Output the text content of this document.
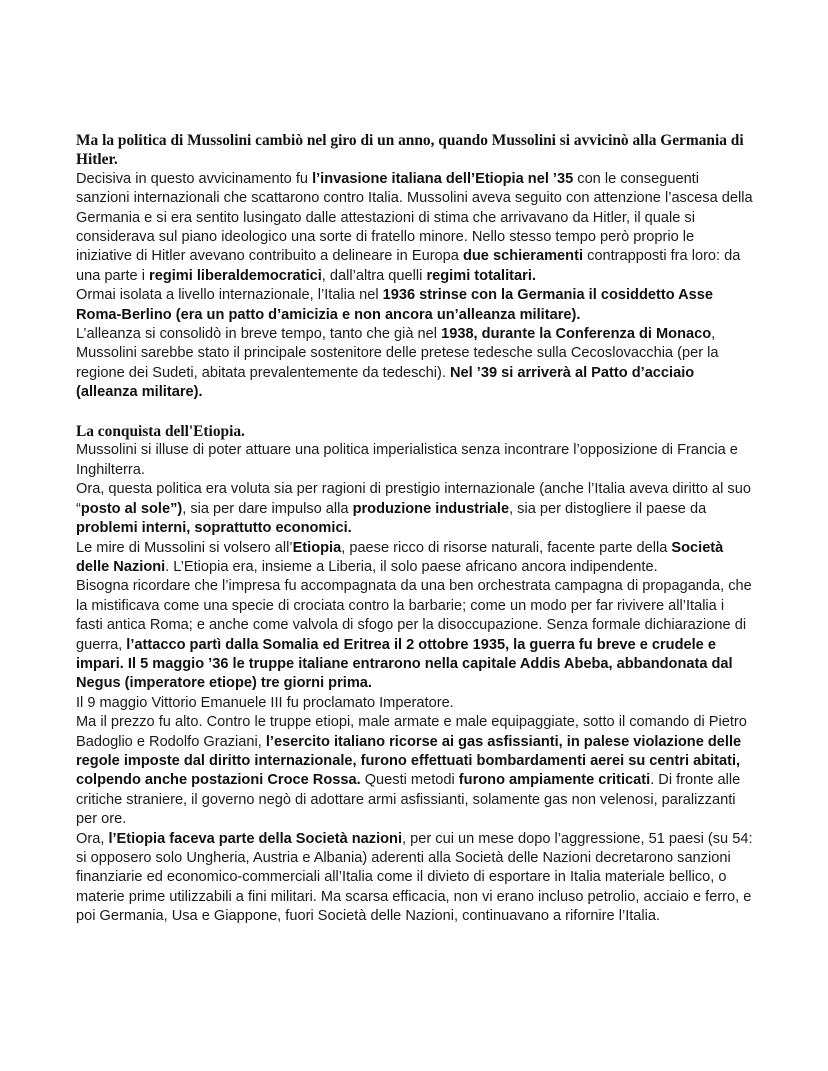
Ma la politica di Mussolini cambiò nel giro di un anno, quando Mussolini si avvicinò alla Germania di Hitler.

Decisiva in questo avvicinamento fu l’invasione italiana dell’Etiopia nel ’35 con le conseguenti sanzioni internazionali che scattarono contro Italia. Mussolini aveva seguito con attenzione l’ascesa della Germania e si era sentito lusingato dalle attestazioni di stima che arrivavano da Hitler, il quale si considerava sul piano ideologico una sorte di fratello minore. Nello stesso tempo però proprio le iniziative di Hitler avevano contribuito a delineare in Europa due schieramenti contrapposti fra loro: da una parte i regimi liberaldemocratici, dall’altra quelli regimi totalitari.

Ormai isolata a livello internazionale, l’Italia nel 1936 strinse con la Germania il cosiddetto Asse Roma-Berlino (era un patto d’amicizia e non ancora un’alleanza militare).

L’alleanza si consolidò in breve tempo, tanto che già nel 1938, durante la Conferenza di Monaco, Mussolini sarebbe stato il principale sostenitore delle pretese tedesche sulla Cecoslovacchia (per la regione dei Sudeti, abitata prevalentemente da tedeschi). Nel ’39 si arriverà al Patto d’acciaio (alleanza militare).

La conquista dell'Etiopia.

Mussolini si illuse di poter attuare una politica imperialistica senza incontrare l’opposizione di Francia e Inghilterra.

Ora, questa politica era voluta sia per ragioni di prestigio internazionale (anche l’Italia aveva diritto al suo “posto al sole”), sia per dare impulso alla produzione industriale, sia per distogliere il paese da problemi interni, soprattutto economici.

Le mire di Mussolini si volsero all’Etiopia, paese ricco di risorse naturali, facente parte della Società delle Nazioni. L’Etiopia era, insieme a Liberia, il solo paese africano ancora indipendente.

Bisogna ricordare che l’impresa fu accompagnata da una ben orchestrata campagna di propaganda, che la mistificava come una specie di crociata contro la barbarie; come un modo per far rivivere all’Italia i fasti antica Roma; e anche come valvola di sfogo per la disoccupazione. Senza formale dichiarazione di guerra, l’attacco partì dalla Somalia ed Eritrea il 2 ottobre 1935, la guerra fu breve e crudele e impari. Il 5 maggio ’36 le truppe italiane entrarono nella capitale Addis Abeba, abbandonata dal Negus (imperatore etiope) tre giorni prima.

Il 9 maggio Vittorio Emanuele III fu proclamato Imperatore.

Ma il prezzo fu alto. Contro le truppe etiopi, male armate e male equipaggiate, sotto il comando di Pietro Badoglio e Rodolfo Graziani, l’esercito italiano ricorse ai gas asfissianti, in palese violazione delle regole imposte dal diritto internazionale, furono effettuati bombardamenti aerei su centri abitati, colpendo anche postazioni Croce Rossa. Questi metodi furono ampiamente criticati. Di fronte alle critiche straniere, il governo negò di adottare armi asfissianti, solamente gas non velenosi, paralizzanti per ore.

Ora, l’Etiopia faceva parte della Società nazioni, per cui un mese dopo l’aggressione, 51 paesi (su 54: si opposero solo Ungheria, Austria e Albania) aderenti alla Società delle Nazioni decretarono sanzioni finanziarie ed economico-commerciali all’Italia come il divieto di esportare in Italia materiale bellico, o materie prime utilizzabili a fini militari. Ma scarsa efficacia, non vi erano incluso petrolio, acciaio e ferro, e poi Germania, Usa e Giappone, fuori Società delle Nazioni, continuavano a rifornire l’Italia.
